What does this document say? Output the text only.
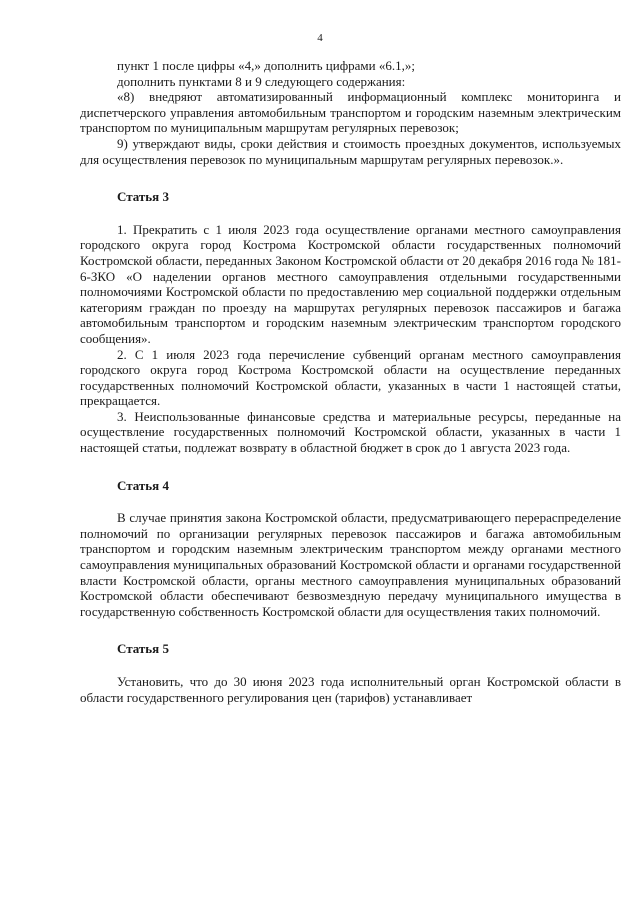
4

пункт 1 после цифры «4,» дополнить цифрами «6.1,»;

дополнить пунктами 8 и 9 следующего содержания:

«8) внедряют автоматизированный информационный комплекс мониторинга и диспетчерского управления автомобильным транспортом и городским наземным электрическим транспортом по муниципальным маршрутам регулярных перевозок;

9) утверждают виды, сроки действия и стоимость проездных документов, используемых для осуществления перевозок по муниципальным маршрутам регулярных перевозок.».

Статья 3

1. Прекратить с 1 июля 2023 года осуществление органами местного самоуправления городского округа город Кострома Костромской области государственных полномочий Костромской области, переданных Законом Костромской области от 20 декабря 2016 года № 181-6-ЗКО «О наделении органов местного самоуправления отдельными государственными полномочиями Костромской области по предоставлению мер социальной поддержки отдельным категориям граждан по проезду на маршрутах регулярных перевозок пассажиров и багажа автомобильным транспортом и городским наземным электрическим транспортом городского сообщения».

2. С 1 июля 2023 года перечисление субвенций органам местного самоуправления городского округа город Кострома Костромской области на осуществление переданных государственных полномочий Костромской области, указанных в части 1 настоящей статьи, прекращается.

3. Неиспользованные финансовые средства и материальные ресурсы, переданные на осуществление государственных полномочий Костромской области, указанных в части 1 настоящей статьи, подлежат возврату в областной бюджет в срок до 1 августа 2023 года.

Статья 4

В случае принятия закона Костромской области, предусматривающего перераспределение полномочий по организации регулярных перевозок пассажиров и багажа автомобильным транспортом и городским наземным электрическим транспортом между органами местного самоуправления муниципальных образований Костромской области и органами государственной власти Костромской области, органы местного самоуправления муниципальных образований Костромской области обеспечивают безвозмездную передачу муниципального имущества в государственную собственность Костромской области для осуществления таких полномочий.

Статья 5

Установить, что до 30 июня 2023 года исполнительный орган Костромской области в области государственного регулирования цен (тарифов) устанавливает
